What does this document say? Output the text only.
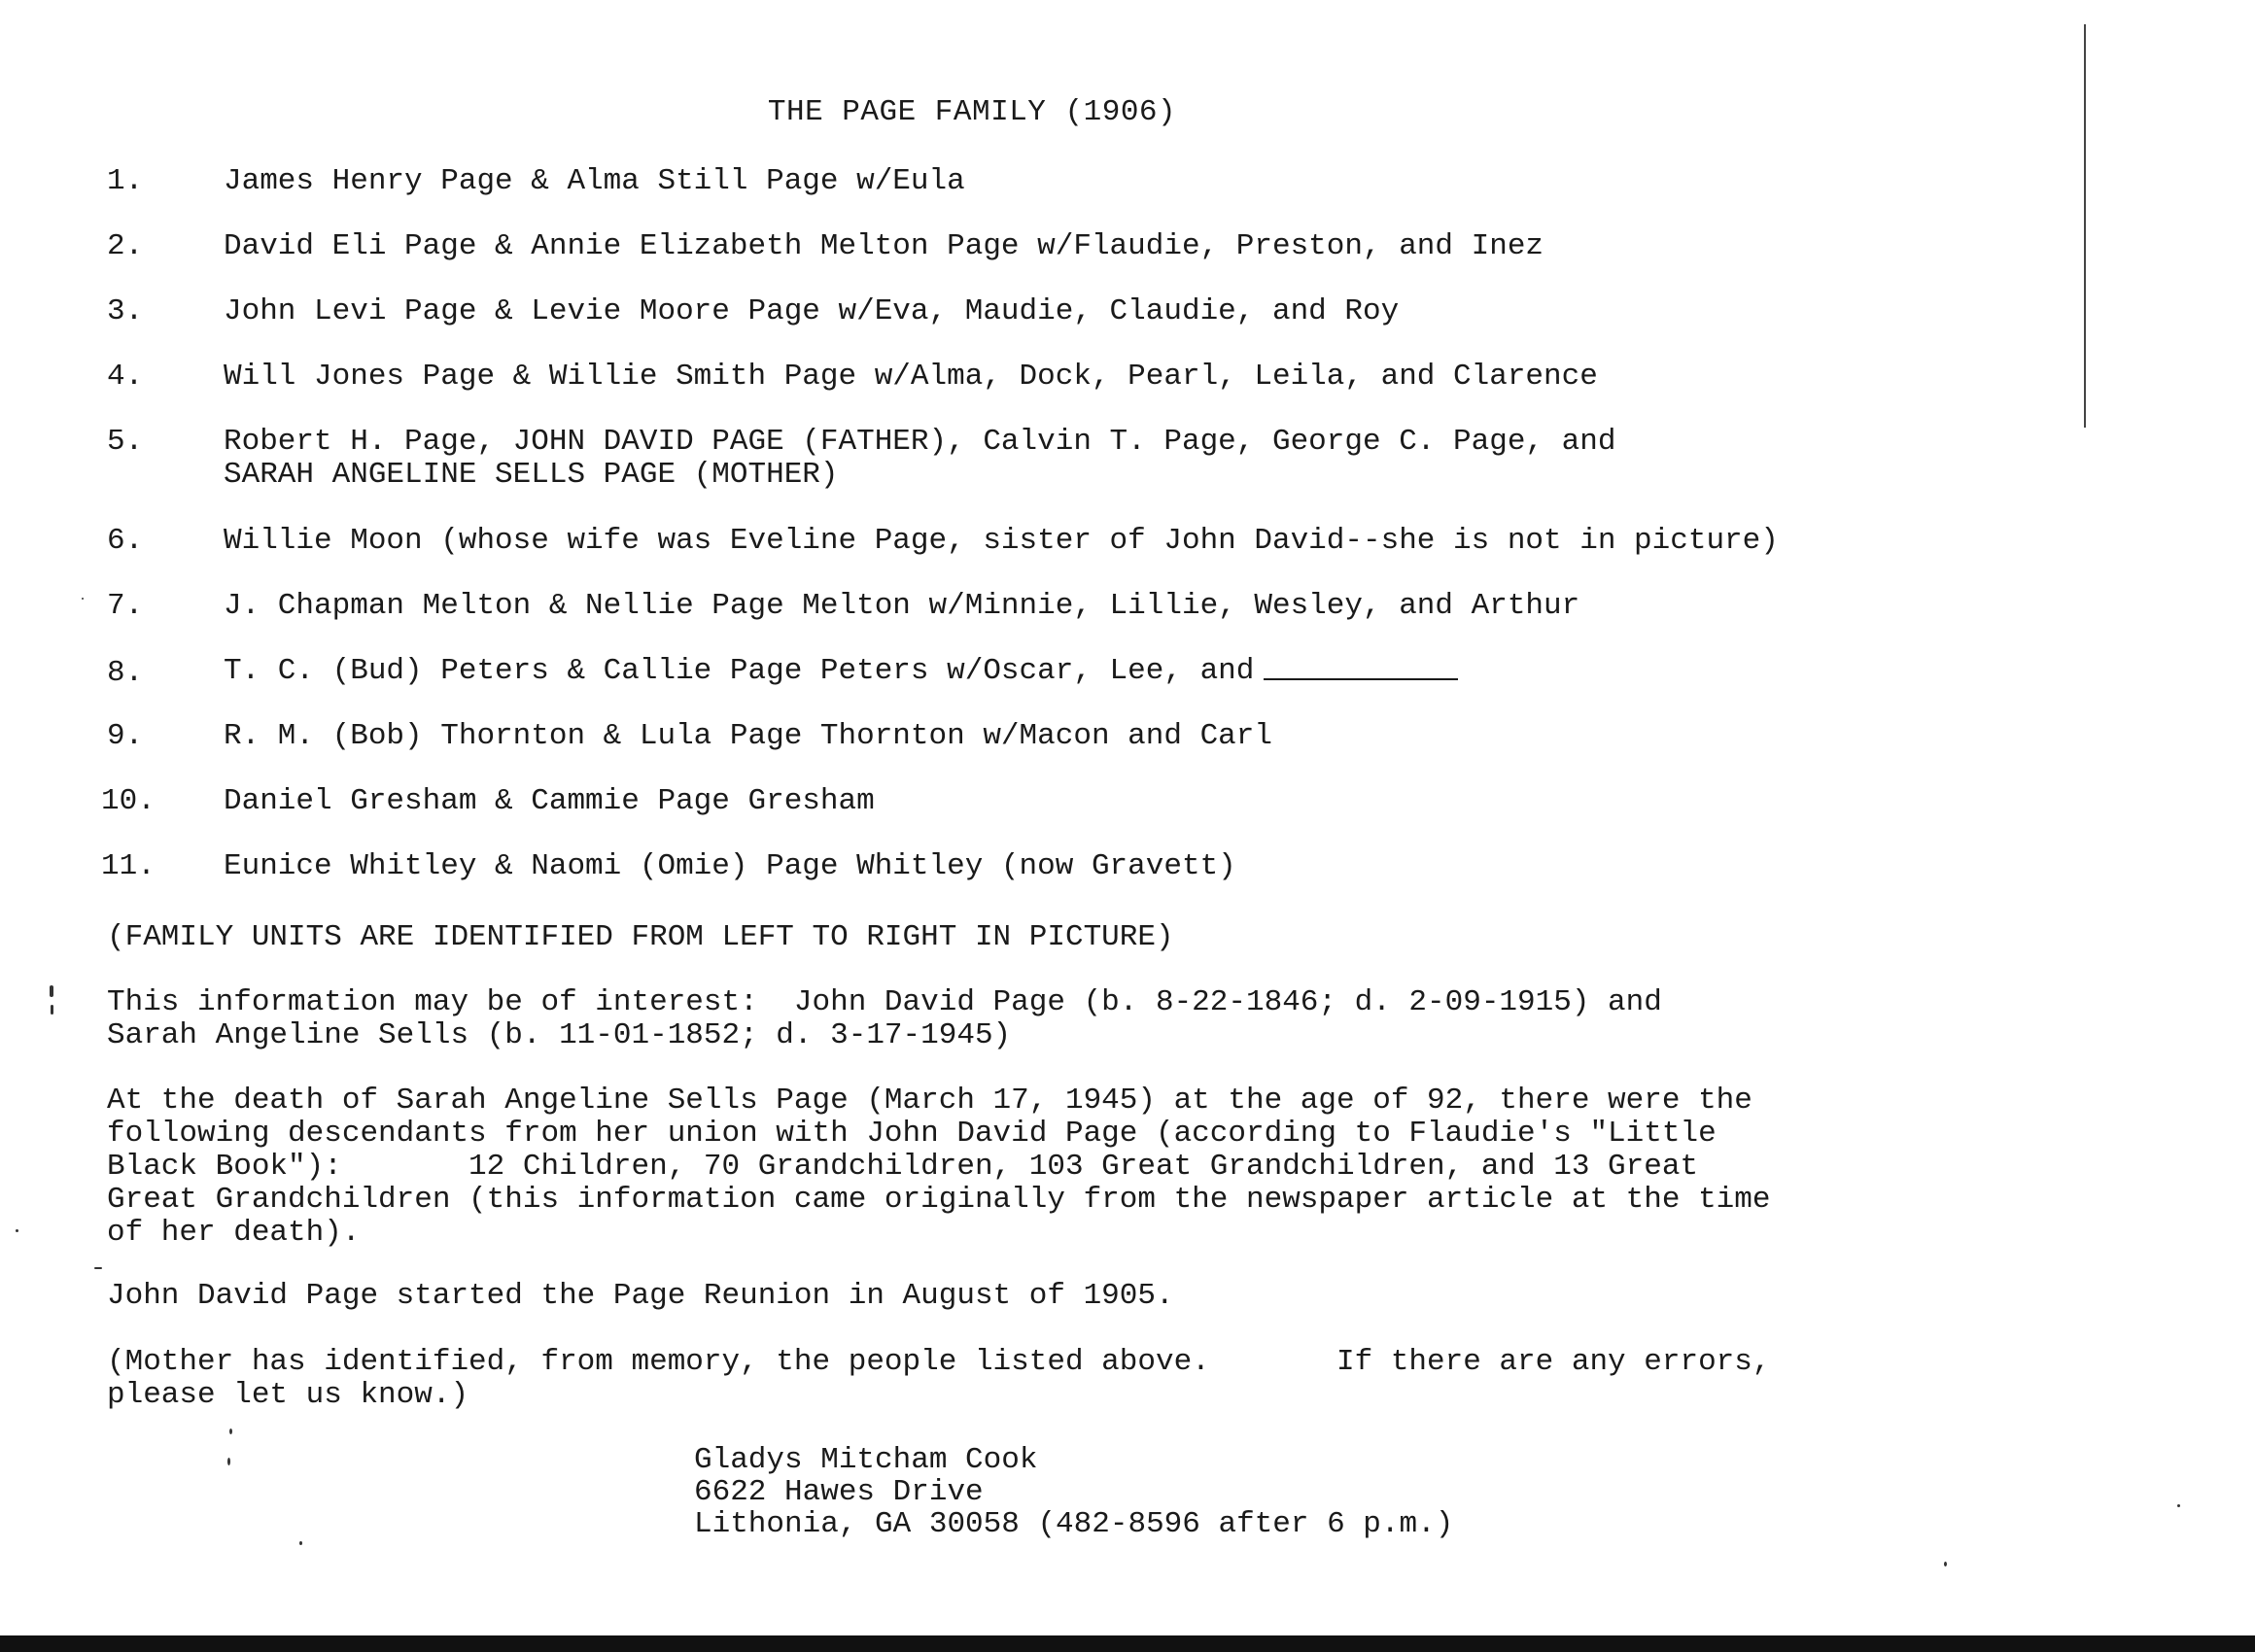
THE PAGE FAMILY (1906)
1.	James Henry Page & Alma Still Page w/Eula
2.	David Eli Page & Annie Elizabeth Melton Page w/Flaudie, Preston, and Inez
3.	John Levi Page & Levie Moore Page w/Eva, Maudie, Claudie, and Roy
4.	Will Jones Page & Willie Smith Page w/Alma, Dock, Pearl, Leila, and Clarence
5.	Robert H. Page, JOHN DAVID PAGE (FATHER), Calvin T. Page, George C. Page, and
SARAH ANGELINE SELLS PAGE (MOTHER)
6.	Willie Moon (whose wife was Eveline Page, sister of John David--she is not in picture)
7.	J. Chapman Melton & Nellie Page Melton w/Minnie, Lillie, Wesley, and Arthur
8.	T. C. (Bud) Peters & Callie Page Peters w/Oscar, Lee, and
9.	R. M. (Bob) Thornton & Lula Page Thornton w/Macon and Carl
10. Daniel Gresham & Cammie Page Gresham
11. Eunice Whitley & Naomi (Omie) Page Whitley (now Gravett)
(FAMILY UNITS ARE IDENTIFIED FROM LEFT TO RIGHT IN PICTURE)
This information may be of interest:  John David Page (b. 8-22-1846; d. 2-09-1915) and
Sarah Angeline Sells (b. 11-01-1852; d. 3-17-1945)
At the death of Sarah Angeline Sells Page (March 17, 1945) at the age of 92, there were the
following descendants from her union with John David Page (according to Flaudie's "Little
Black Book"):       12 Children, 70 Grandchildren, 103 Great Grandchildren, and 13 Great
Great Grandchildren (this information came originally from the newspaper article at the time
of her death).
John David Page started the Page Reunion in August of 1905.
(Mother has identified, from memory, the people listed above.       If there are any errors,
please let us know.)
Gladys Mitcham Cook
6622 Hawes Drive
Lithonia, GA 30058 (482-8596 after 6 p.m.)
